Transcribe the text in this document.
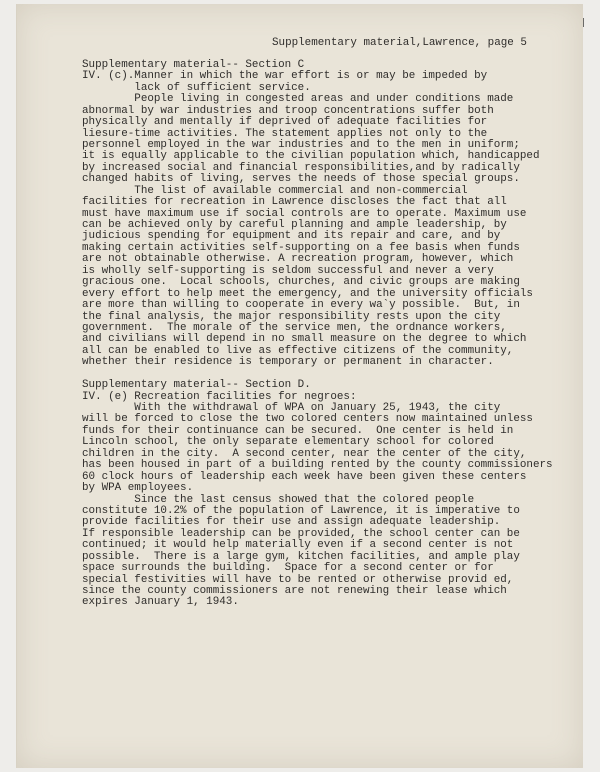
Supplementary material,Lawrence, page 5
Supplementary material-- Section C
IV. (c).Manner in which the war effort is or may be impeded by
lack of sufficient service.
People living in congested areas and under conditions made
abnormal by war industries and troop concentrations suffer both
physically and mentally if deprived of adequate facilities for
liesure-time activities. The statement applies not only to the
personnel employed in the war industries and to the men in uniform;
it is equally applicable to the civilian population which, handicapped
by increased social and financial responsibilities,and by radically
changed habits of living, serves the needs of those special groups.
The list of available commercial and non-commercial
facilities for recreation in Lawrence discloses the fact that all
must have maximum use if social controls are to operate. Maximum use
can be achieved only by careful planning and ample leadership, by
judicious spending for equipment and its repair and care, and by
making certain activities self-supporting on a fee basis when funds
are not obtainable otherwise. A recreation program, however, which
is wholly self-supporting is seldom successful and never a very
gracious one.  Local schools, churches, and civic groups are making
every effort to help meet the emergency, and the university officials
are more than willing to cooperate in every wa`y possible.  But, in
the final analysis, the major responsibility rests upon the city
government.  The morale of the service men, the ordnance workers,
and civilians will depend in no small measure on the degree to which
all can be enabled to live as effective citizens of the community,
whether their residence is temporary or permanent in character.
Supplementary material-- Section D.
IV. (e) Recreation facilities for negroes:
With the withdrawal of WPA on January 25, 1943, the city
will be forced to close the two colored centers now maintained unless
funds for their continuance can be secured.  One center is held in
Lincoln school, the only separate elementary school for colored
children in the city.  A second center, near the center of the city,
has been housed in part of a building rented by the county commissioners
60 clock hours of leadership each week have been given these centers
by WPA employees.
Since the last census showed that the colored people
constitute 10.2% of the population of Lawrence, it is imperative to
provide facilities for their use and assign adequate leadership.
If responsible leadership can be provided, the school center can be
continued; it would help materially even if a second center is not
possible.  There is a large gym, kitchen facilities, and ample play
space surrounds the building.  Space for a second center or for
special festivities will have to be rented or otherwise provid ed,
since the county commissioners are not renewing their lease which
expires January 1, 1943.
